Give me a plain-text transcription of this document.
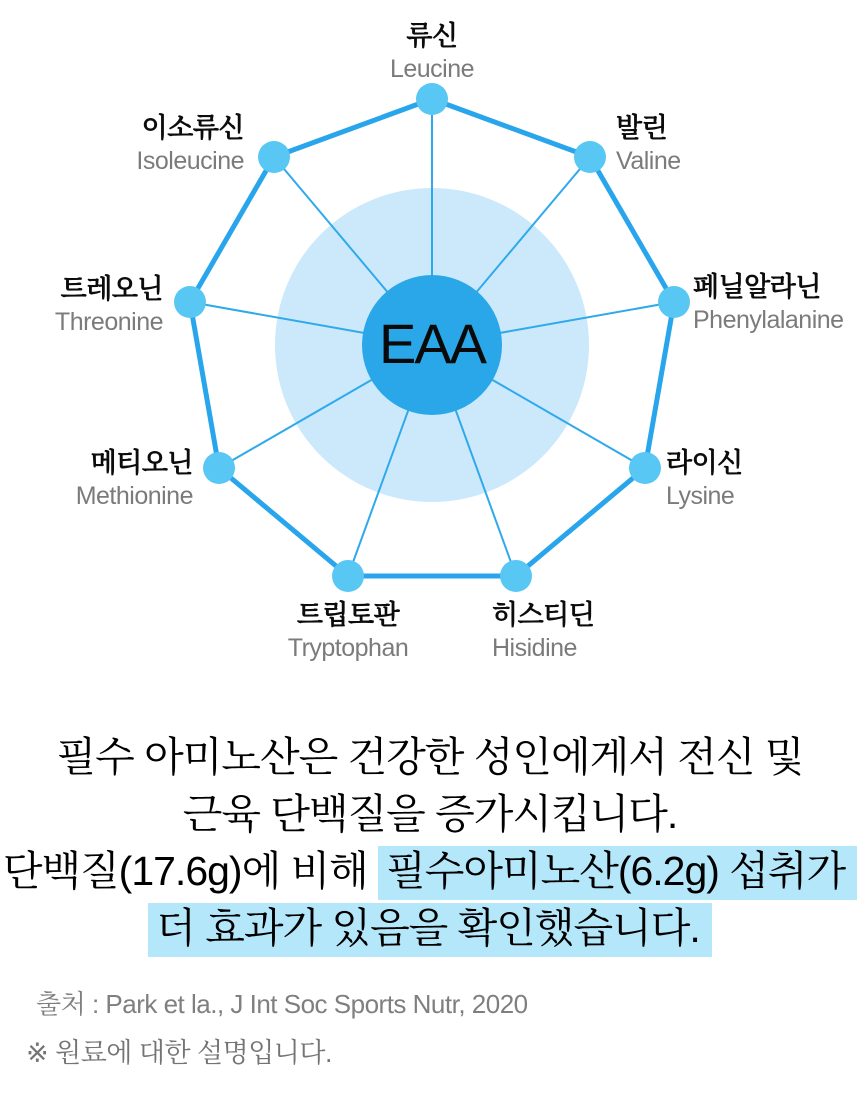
EAA
류신
Leucine
발린
Valine
페닐알라닌
Phenylalanine
라이신
Lysine
히스티딘
Hisidine
트립토판
Tryptophan
메티오닌
Methionine
트레오닌
Threonine
이소류신
Isoleucine
필수 아미노산은 건강한 성인에게서 전신 및
근육 단백질을 증가시킵니다.
단백질(17.6g)에 비해 필수아미노산(6.2g) 섭취가
더 효과가 있음을 확인했습니다.
출처 : Park et la., J Int Soc Sports Nutr, 2020
※ 원료에 대한 설명입니다.
